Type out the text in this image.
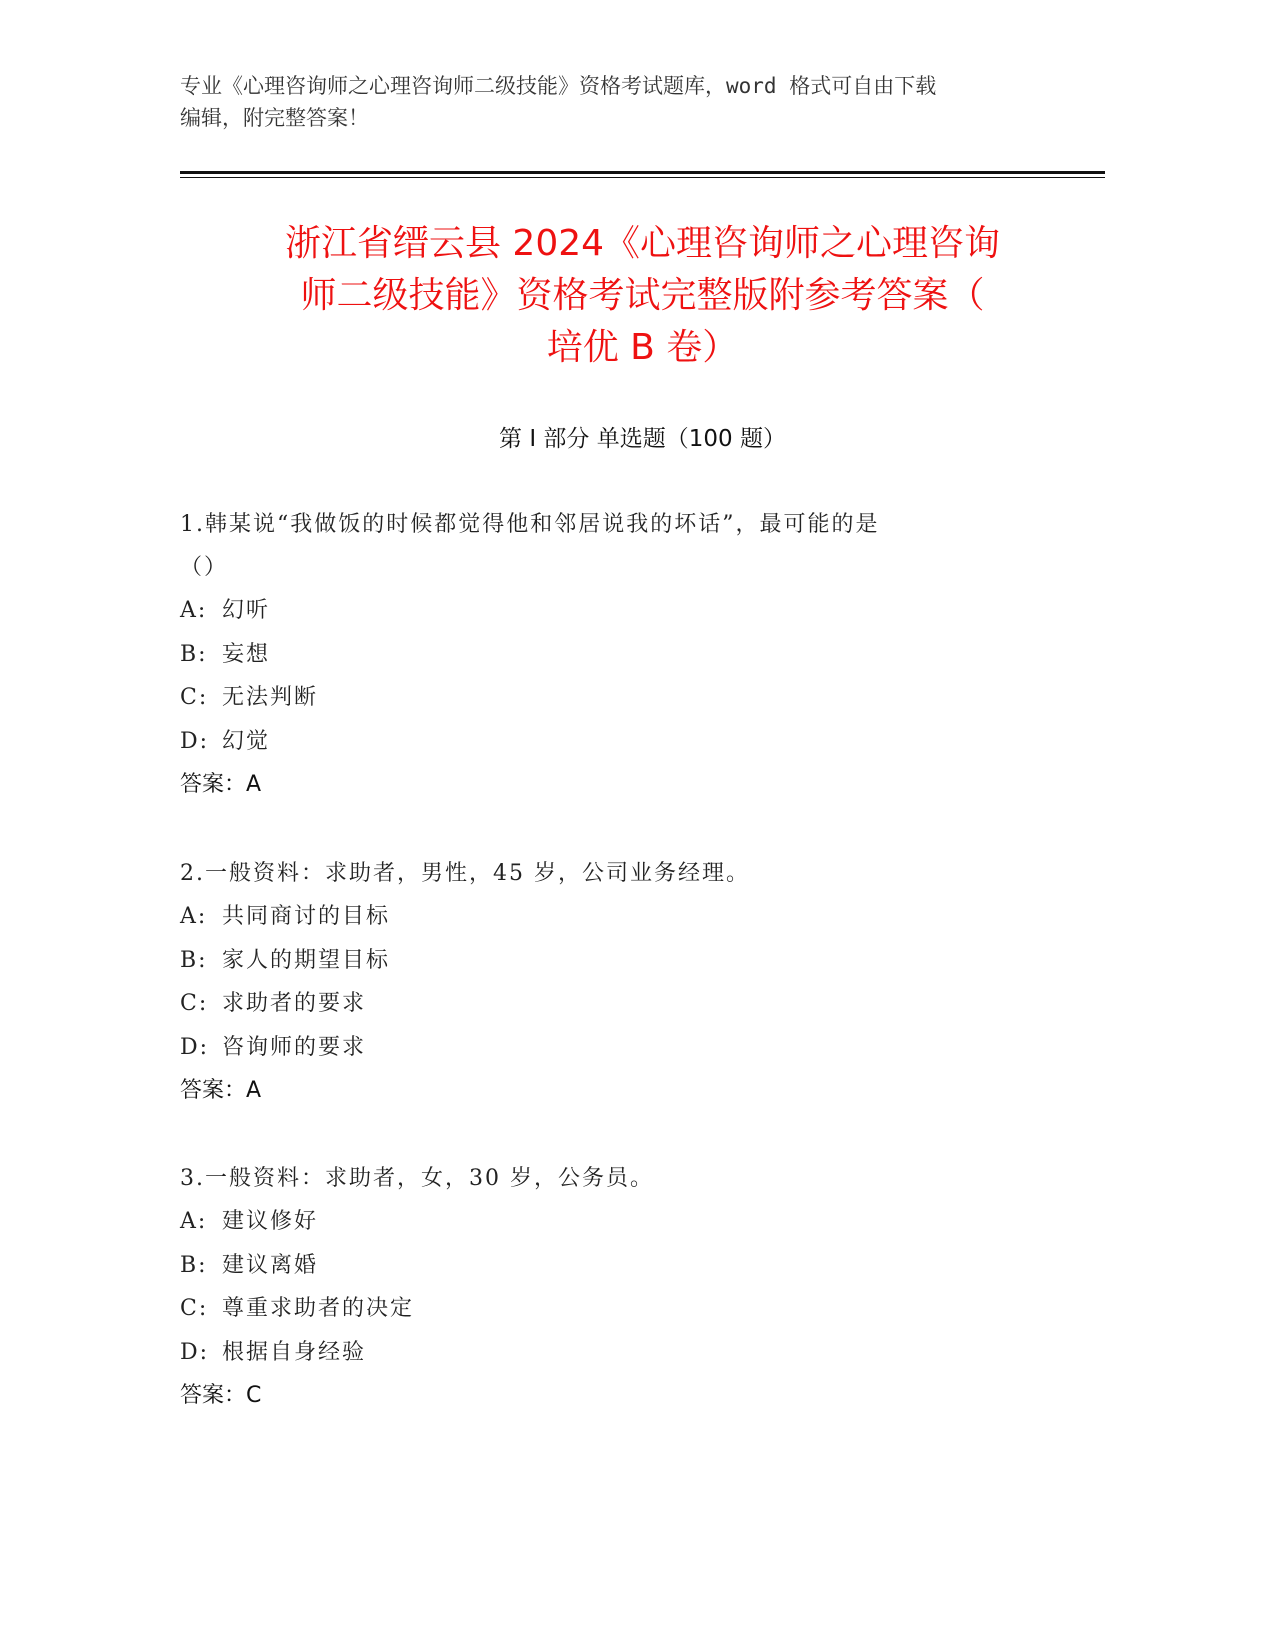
专业《心理咨询师之心理咨询师二级技能》资格考试题库，word 格式可自由下载
编辑，附完整答案！
浙江省缙云县 2024《心理咨询师之心理咨询
师二级技能》资格考试完整版附参考答案（
培优 B 卷）
第 I 部分 单选题（100 题）
1.韩某说“我做饭的时候都觉得他和邻居说我的坏话”，最可能的是
（）
A: 幻听
B: 妄想
C: 无法判断
D: 幻觉
答案：A
2.一般资料：求助者，男性，45 岁，公司业务经理。
A: 共同商讨的目标
B: 家人的期望目标
C: 求助者的要求
D: 咨询师的要求
答案：A
3.一般资料：求助者，女，30 岁，公务员。
A: 建议修好
B: 建议离婚
C: 尊重求助者的决定
D: 根据自身经验
答案：C
